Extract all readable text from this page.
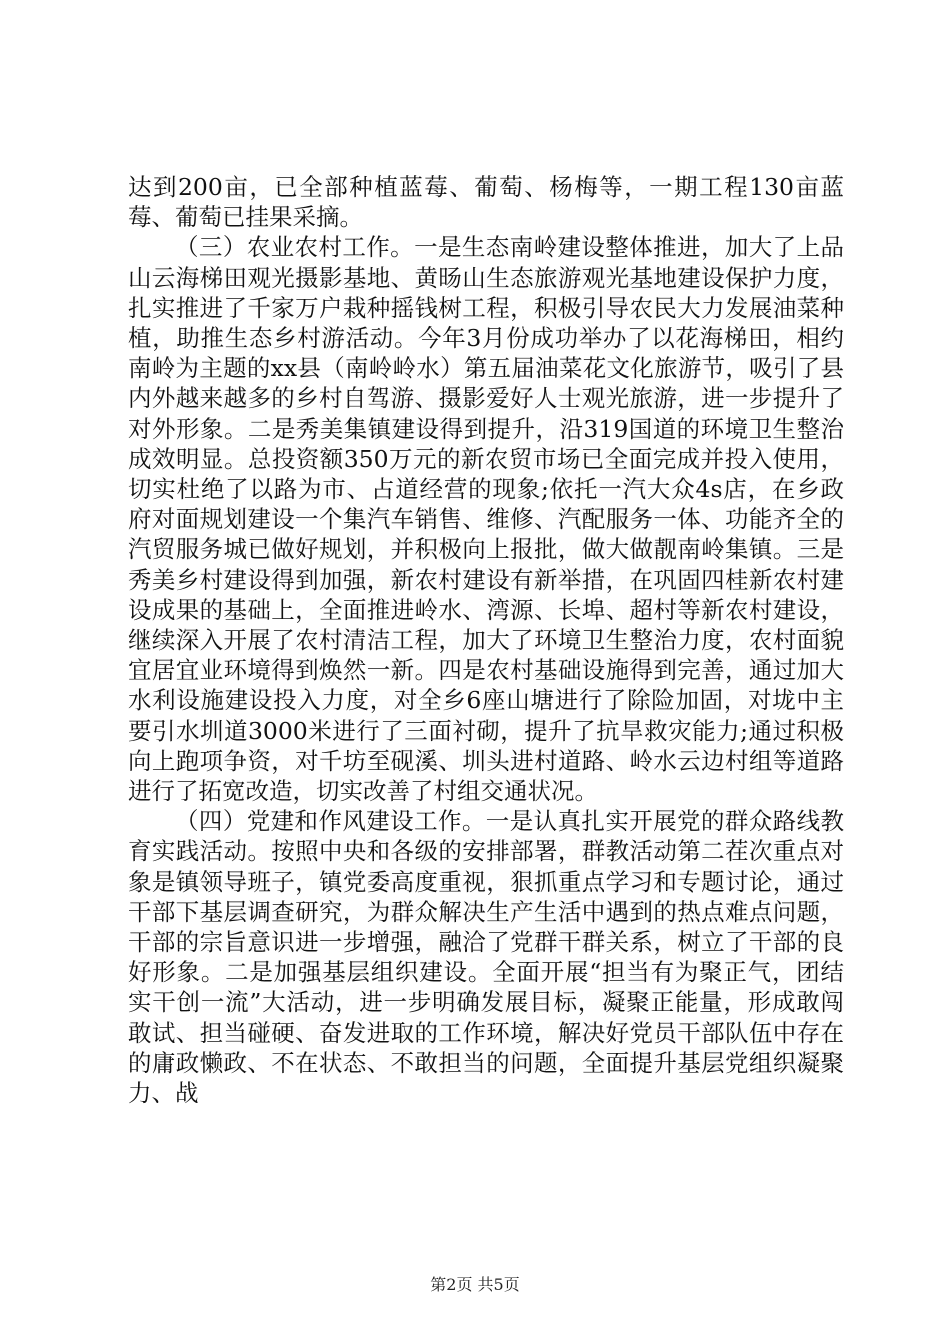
达到200亩，已全部种植蓝莓、葡萄、杨梅等，一期工程130亩蓝莓、葡萄已挂果采摘。

（三）农业农村工作。一是生态南岭建设整体推进，加大了上品山云海梯田观光摄影基地、黄旸山生态旅游观光基地建设保护力度，扎实推进了千家万户栽种摇钱树工程，积极引导农民大力发展油菜种植，助推生态乡村游活动。今年3月份成功举办了以花海梯田，相约南岭为主题的xx县（南岭岭水）第五届油菜花文化旅游节，吸引了县内外越来越多的乡村自驾游、摄影爱好人士观光旅游，进一步提升了对外形象。二是秀美集镇建设得到提升，沿319国道的环境卫生整治成效明显。总投资额350万元的新农贸市场已全面完成并投入使用，切实杜绝了以路为市、占道经营的现象;依托一汽大众4s店，在乡政府对面规划建设一个集汽车销售、维修、汽配服务一体、功能齐全的汽贸服务城已做好规划，并积极向上报批，做大做靓南岭集镇。三是秀美乡村建设得到加强，新农村建设有新举措，在巩固四桂新农村建设成果的基础上，全面推进岭水、湾源、长埠、超村等新农村建设，继续深入开展了农村清洁工程，加大了环境卫生整治力度，农村面貌宜居宜业环境得到焕然一新。四是农村基础设施得到完善，通过加大水利设施建设投入力度，对全乡6座山塘进行了除险加固，对垅中主要引水圳道3000米进行了三面衬砌，提升了抗旱救灾能力;通过积极向上跑项争资，对千坊至砚溪、圳头进村道路、岭水云边村组等道路进行了拓宽改造，切实改善了村组交通状况。

（四）党建和作风建设工作。一是认真扎实开展党的群众路线教育实践活动。按照中央和各级的安排部署，群教活动第二茬次重点对象是镇领导班子，镇党委高度重视，狠抓重点学习和专题讨论，通过干部下基层调查研究，为群众解决生产生活中遇到的热点难点问题，干部的宗旨意识进一步增强，融洽了党群干群关系，树立了干部的良好形象。二是加强基层组织建设。全面开展“担当有为聚正气，团结实干创一流”大活动，进一步明确发展目标，凝聚正能量，形成敢闯敢试、担当碰硬、奋发进取的工作环境，解决好党员干部队伍中存在的庸政懒政、不在状态、不敢担当的问题，全面提升基层党组织凝聚力、战

第2页 共5页
